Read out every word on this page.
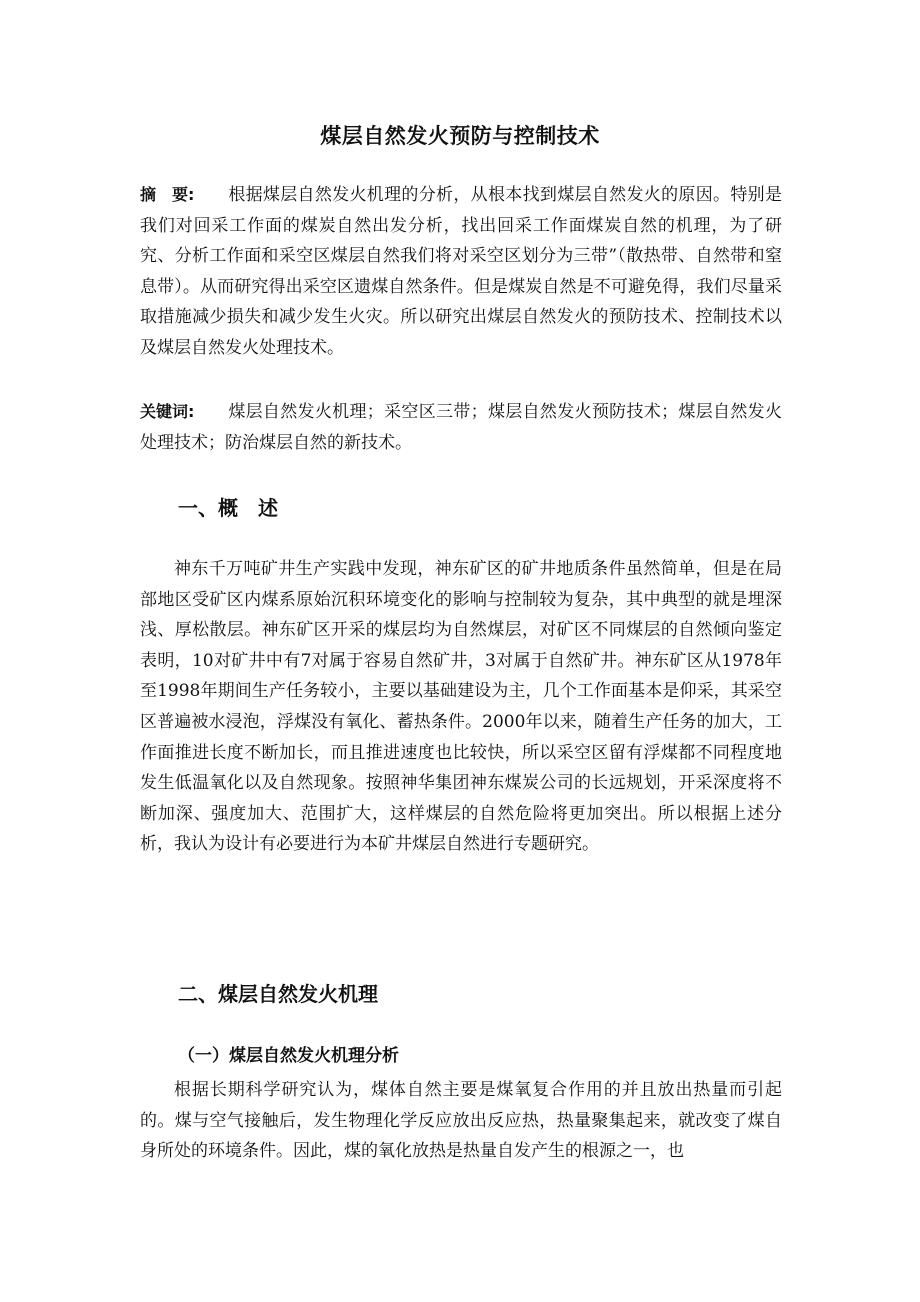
煤层自然发火预防与控制技术
摘　要: 根据煤层自然发火机理的分析，从根本找到煤层自然发火的原因。特别是我们对回采工作面的煤炭自然出发分析，找出回采工作面煤炭自然的机理，为了研究、分析工作面和采空区煤层自然我们将对采空区划分为三带”（散热带、自然带和窒息带）。从而研究得出采空区遗煤自然条件。但是煤炭自然是不可避免得，我们尽量采取措施减少损失和减少发生火灾。所以研究出煤层自然发火的预防技术、控制技术以及煤层自然发火处理技术。
关键词: 煤层自然发火机理；采空区三带；煤层自然发火预防技术；煤层自然发火处理技术；防治煤层自然的新技术。
一、概　述
神东千万吨矿井生产实践中发现，神东矿区的矿井地质条件虽然简单，但是在局部地区受矿区内煤系原始沉积环境变化的影响与控制较为复杂，其中典型的就是埋深浅、厚松散层。神东矿区开采的煤层均为自然煤层，对矿区不同煤层的自然倾向鉴定表明，10对矿井中有7对属于容易自然矿井，3对属于自然矿井。神东矿区从1978年至1998年期间生产任务较小，主要以基础建设为主，几个工作面基本是仰采，其采空区普遍被水浸泡，浮煤没有氧化、蓄热条件。2000年以来，随着生产任务的加大，工作面推进长度不断加长，而且推进速度也比较快，所以采空区留有浮煤都不同程度地发生低温氧化以及自然现象。按照神华集团神东煤炭公司的长远规划，开采深度将不断加深、强度加大、范围扩大，这样煤层的自然危险将更加突出。所以根据上述分析，我认为设计有必要进行为本矿井煤层自然进行专题研究。
二、煤层自然发火机理
（一）煤层自然发火机理分析
根据长期科学研究认为，煤体自然主要是煤氧复合作用的并且放出热量而引起的。煤与空气接触后，发生物理化学反应放出反应热，热量聚集起来，就改变了煤自身所处的环境条件。因此，煤的氧化放热是热量自发产生的根源之一，也
